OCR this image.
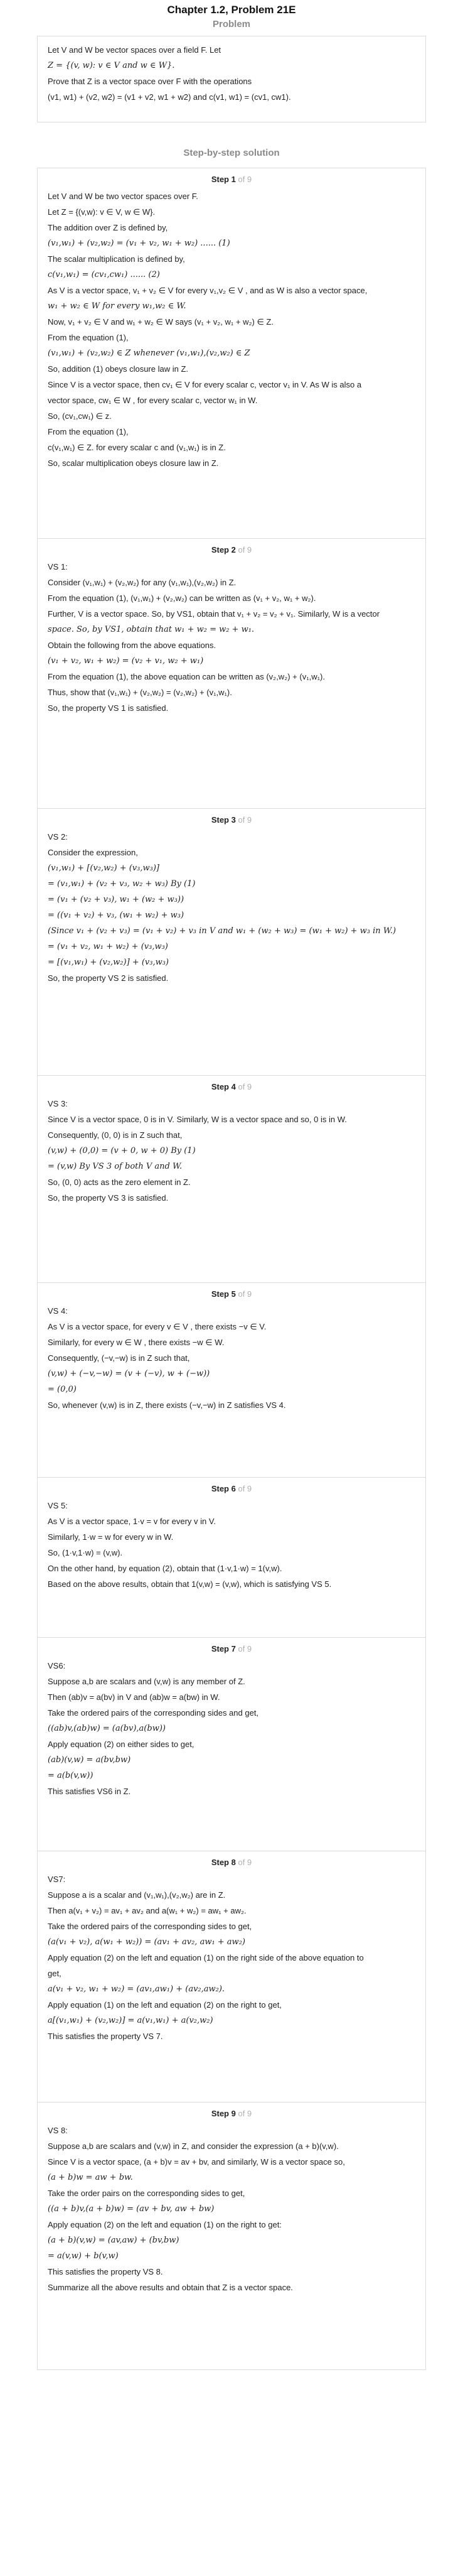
Chapter 1.2, Problem 21E
Problem

Let V and W be vector spaces over a field F. Let

Z = {(v, w): v ∈ V and w ∈ W}.

Prove that Z is a vector space over F with the operations

(v1, w1) + (v2, w2) = (v1 + v2, w1 + w2) and c(v1, w1) = (cv1, cw1).

Step-by-step solution
Step 1 of 9

Let V and W be two vector spaces over F.

Let Z = {(v,w): v ∈ V, w ∈ W}.

The addition over Z is defined by,

(v₁,w₁) + (v₂,w₂) = (v₁ + v₂, w₁ + w₂) ...... (1)

The scalar multiplication is defined by,

c(v₁,w₁) = (cv₁,cw₁) ...... (2)

As V is a vector space, v₁ + v₂ ∈ V for every v₁,v₂ ∈ V , and as W is also a vector space,

w₁ + w₂ ∈ W for every w₁,w₂ ∈ W.

Now, v₁ + v₂ ∈ V and w₁ + w₂ ∈ W says (v₁ + v₂, w₁ + w₂) ∈ Z.

From the equation (1),

(v₁,w₁) + (v₂,w₂) ∈ Z whenever (v₁,w₁),(v₂,w₂) ∈ Z

So, addition (1) obeys closure law in Z.

Since V is a vector space, then cv₁ ∈ V for every scalar c, vector v₁ in V. As W is also a

vector space, cw₁ ∈ W , for every scalar c, vector w₁ in W.

So, (cv₁,cw₁) ∈ z.

From the equation (1),

c(v₁,w₁) ∈ Z. for every scalar c and (v₁,w₁) is in Z.

So, scalar multiplication obeys closure law in Z.

Step 2 of 9

VS 1:

Consider (v₁,w₁) + (v₂,w₂) for any (v₁,w₁),(v₂,w₂) in Z.

From the equation (1), (v₁,w₁) + (v₂,w₂) can be written as (v₁ + v₂, w₁ + w₂).

Further, V is a vector space. So, by VS1, obtain that v₁ + v₂ = v₂ + v₁. Similarly, W is a vector

space. So, by VS1, obtain that w₁ + w₂ = w₂ + w₁.

Obtain the following from the above equations.

(v₁ + v₂, w₁ + w₂) = (v₂ + v₁, w₂ + w₁)

From the equation (1), the above equation can be written as (v₂,w₂) + (v₁,w₁).

Thus, show that (v₁,w₁) + (v₂,w₂) = (v₂,w₂) + (v₁,w₁).

So, the property VS 1 is satisfied.

Step 3 of 9

VS 2:

Consider the expression,

(v₁,w₁) + [(v₂,w₂) + (v₃,w₃)]

= (v₁,w₁) + (v₂ + v₃, w₂ + w₃) By (1)

= (v₁ + (v₂ + v₃), w₁ + (w₂ + w₃))

= ((v₁ + v₂) + v₃, (w₁ + w₂) + w₃)

(Since v₁ + (v₂ + v₃) = (v₁ + v₂) + v₃ in V and w₁ + (w₂ + w₃) = (w₁ + w₂) + w₃ in W.)

= (v₁ + v₂, w₁ + w₂) + (v₃,w₃)

= [(v₁,w₁) + (v₂,w₂)] + (v₃,w₃)

So, the property VS 2 is satisfied.

Step 4 of 9

VS 3:

Since V is a vector space, 0 is in V. Similarly, W is a vector space and so, 0 is in W.

Consequently, (0, 0) is in Z such that,

(v,w) + (0,0) = (v + 0, w + 0) By (1)

= (v,w) By VS 3 of both V and W.

So, (0, 0) acts as the zero element in Z.

So, the property VS 3 is satisfied.

Step 5 of 9

VS 4:

As V is a vector space, for every v ∈ V , there exists −v ∈ V.

Similarly, for every w ∈ W , there exists −w ∈ W.

Consequently, (−v,−w) is in Z such that,

(v,w) + (−v,−w) = (v + (−v), w + (−w))

= (0,0)

So, whenever (v,w) is in Z, there exists (−v,−w) in Z satisfies VS 4.

Step 6 of 9

VS 5:

As V is a vector space, 1·v = v for every v in V.

Similarly, 1·w = w for every w in W.

So, (1·v,1·w) = (v,w).

On the other hand, by equation (2), obtain that (1·v,1·w) = 1(v,w).

Based on the above results, obtain that 1(v,w) = (v,w), which is satisfying VS 5.

Step 7 of 9

VS6:

Suppose a,b are scalars and (v,w) is any member of Z.

Then (ab)v = a(bv) in V and (ab)w = a(bw) in W.

Take the ordered pairs of the corresponding sides and get,

((ab)v,(ab)w) = (a(bv),a(bw))

Apply equation (2) on either sides to get,

(ab)(v,w) = a(bv,bw)

= a(b(v,w))

This satisfies VS6 in Z.

Step 8 of 9

VS7:

Suppose a is a scalar and (v₁,w₁),(v₂,w₂) are in Z.

Then a(v₁ + v₂) = av₁ + av₂ and a(w₁ + w₂) = aw₁ + aw₂.

Take the ordered pairs of the corresponding sides to get,

(a(v₁ + v₂), a(w₁ + w₂)) = (av₁ + av₂, aw₁ + aw₂)

Apply equation (2) on the left and equation (1) on the right side of the above equation to

get,

a(v₁ + v₂, w₁ + w₂) = (av₁,aw₁) + (av₂,aw₂).

Apply equation (1) on the left and equation (2) on the right to get,

a[(v₁,w₁) + (v₂,w₂)] = a(v₁,w₁) + a(v₂,w₂)

This satisfies the property VS 7.

Step 9 of 9

VS 8:

Suppose a,b are scalars and (v,w) in Z, and consider the expression (a + b)(v,w).

Since V is a vector space, (a + b)v = av + bv, and similarly, W is a vector space so,

(a + b)w = aw + bw.

Take the order pairs on the corresponding sides to get,

((a + b)v,(a + b)w) = (av + bv, aw + bw)

Apply equation (2) on the left and equation (1) on the right to get:

(a + b)(v,w) = (av,aw) + (bv,bw)

= a(v,w) + b(v,w)

This satisfies the property VS 8.

Summarize all the above results and obtain that Z is a vector space.
